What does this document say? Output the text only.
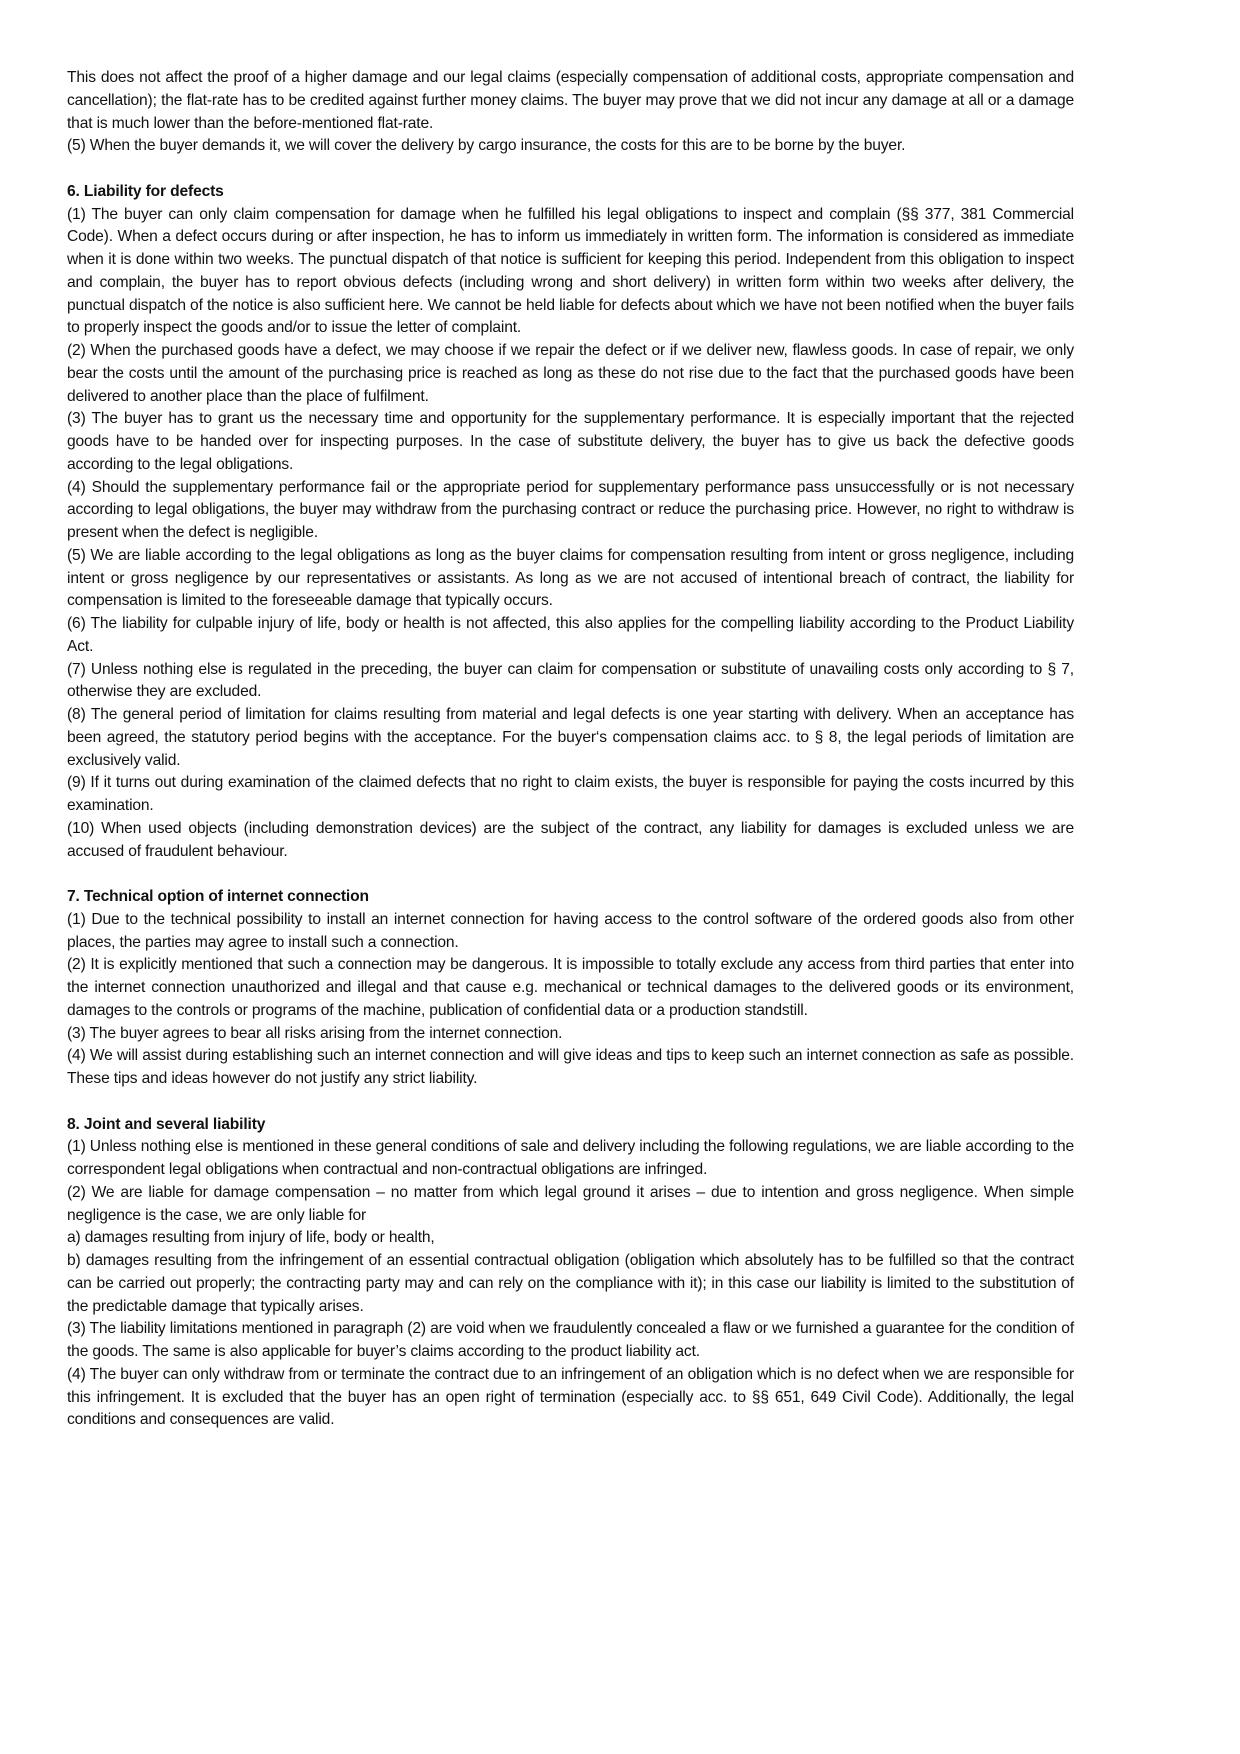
This does not affect the proof of a higher damage and our legal claims (especially compensation of additional costs, appropriate compensation and cancellation); the flat-rate has to be credited against further money claims. The buyer may prove that we did not incur any damage at all or a damage that is much lower than the before-mentioned flat-rate.

(5) When the buyer demands it, we will cover the delivery by cargo insurance, the costs for this are to be borne by the buyer.

6. Liability for defects

(1) The buyer can only claim compensation for damage when he fulfilled his legal obligations to inspect and complain (§§ 377, 381 Commercial Code). When a defect occurs during or after inspection, he has to inform us immediately in written form. The information is considered as immediate when it is done within two weeks. The punctual dispatch of that notice is sufficient for keeping this period. Independent from this obligation to inspect and complain, the buyer has to report obvious defects (including wrong and short delivery) in written form within two weeks after delivery, the punctual dispatch of the notice is also sufficient here. We cannot be held liable for defects about which we have not been notified when the buyer fails to properly inspect the goods and/or to issue the letter of complaint.

(2) When the purchased goods have a defect, we may choose if we repair the defect or if we deliver new, flawless goods. In case of repair, we only bear the costs until the amount of the purchasing price is reached as long as these do not rise due to the fact that the purchased goods have been delivered to another place than the place of fulfilment.

(3) The buyer has to grant us the necessary time and opportunity for the supplementary performance. It is especially important that the rejected goods have to be handed over for inspecting purposes. In the case of substitute delivery, the buyer has to give us back the defective goods according to the legal obligations.

(4) Should the supplementary performance fail or the appropriate period for supplementary performance pass unsuccessfully or is not necessary according to legal obligations, the buyer may withdraw from the purchasing contract or reduce the purchasing price. However, no right to withdraw is present when the defect is negligible.

(5) We are liable according to the legal obligations as long as the buyer claims for compensation resulting from intent or gross negligence, including intent or gross negligence by our representatives or assistants. As long as we are not accused of intentional breach of contract, the liability for compensation is limited to the foreseeable damage that typically occurs.

(6) The liability for culpable injury of life, body or health is not affected, this also applies for the compelling liability according to the Product Liability Act.

(7) Unless nothing else is regulated in the preceding, the buyer can claim for compensation or substitute of unavailing costs only according to § 7, otherwise they are excluded.

(8) The general period of limitation for claims resulting from material and legal defects is one year starting with delivery. When an acceptance has been agreed, the statutory period begins with the acceptance. For the buyer‘s compensation claims acc. to § 8, the legal periods of limitation are exclusively valid.

(9) If it turns out during examination of the claimed defects that no right to claim exists, the buyer is responsible for paying the costs incurred by this examination.

(10) When used objects (including demonstration devices) are the subject of the contract, any liability for damages is excluded unless we are accused of fraudulent behaviour.

7. Technical option of internet connection

(1) Due to the technical possibility to install an internet connection for having access to the control software of the ordered goods also from other places, the parties may agree to install such a connection.

(2) It is explicitly mentioned that such a connection may be dangerous. It is impossible to totally exclude any access from third parties that enter into the internet connection unauthorized and illegal and that cause e.g. mechanical or technical damages to the delivered goods or its environment, damages to the controls or programs of the machine, publication of confidential data or a production standstill.

(3) The buyer agrees to bear all risks arising from the internet connection.

(4) We will assist during establishing such an internet connection and will give ideas and tips to keep such an internet connection as safe as possible. These tips and ideas however do not justify any strict liability.

8. Joint and several liability

(1) Unless nothing else is mentioned in these general conditions of sale and delivery including the following regulations, we are liable according to the correspondent legal obligations when contractual and non-contractual obligations are infringed.

(2) We are liable for damage compensation – no matter from which legal ground it arises – due to intention and gross negligence. When simple negligence is the case, we are only liable for

a) damages resulting from injury of life, body or health,

b) damages resulting from the infringement of an essential contractual obligation (obligation which absolutely has to be fulfilled so that the contract can be carried out properly; the contracting party may and can rely on the compliance with it); in this case our liability is limited to the substitution of the predictable damage that typically arises.

(3) The liability limitations mentioned in paragraph (2) are void when we fraudulently concealed a flaw or we furnished a guarantee for the condition of the goods. The same is also applicable for buyer’s claims according to the product liability act.

(4) The buyer can only withdraw from or terminate the contract due to an infringement of an obligation which is no defect when we are responsible for this infringement. It is excluded that the buyer has an open right of termination (especially acc. to §§ 651, 649 Civil Code). Additionally, the legal conditions and consequences are valid.
